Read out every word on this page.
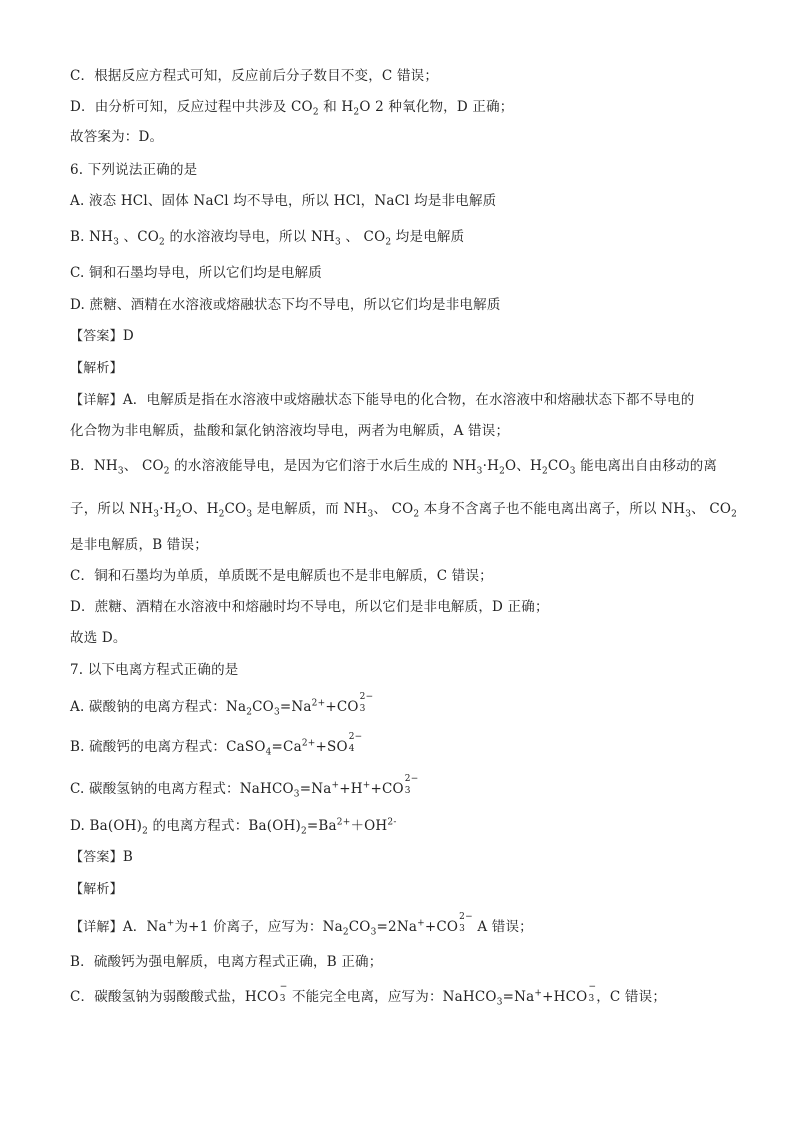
C．根据反应方程式可知，反应前后分子数目不变，C 错误；
D．由分析可知，反应过程中共涉及 $CO_2$ 和 $H_2O$ 2 种氧化物，D 正确；
故答案为：D。
6. 下列说法正确的是
A. 液态 HCl、固体 NaCl 均不导电，所以 HCl，NaCl 均是非电解质
B. $NH_3$ 、$CO_2$ 的水溶液均导电，所以 $NH_3$ 、 $CO_2$ 均是电解质
C. 铜和石墨均导电，所以它们均是电解质
D. 蔗糖、酒精在水溶液或熔融状态下均不导电，所以它们均是非电解质
【答案】D
【解析】
【详解】A．电解质是指在水溶液中或熔融状态下能导电的化合物，在水溶液中和熔融状态下都不导电的
化合物为非电解质，盐酸和氯化钠溶液均导电，两者为电解质，A 错误；
B．$NH_3$、 $CO_2$ 的水溶液能导电，是因为它们溶于水后生成的 $NH_3\cdot H_2O$、$H_2CO_3$ 能电离出自由移动的离
子，所以 $NH_3\cdot H_2O$、$H_2CO_3$ 是电解质，而 $NH_3$、 $CO_2$ 本身不含离子也不能电离出离子，所以 $NH_3$、 $CO_2$
是非电解质，B 错误；
C．铜和石墨均为单质，单质既不是电解质也不是非电解质，C 错误；
D．蔗糖、酒精在水溶液中和熔融时均不导电，所以它们是非电解质，D 正确；
故选 D。
7. 以下电离方程式正确的是
A. 碳酸钠的电离方程式：$Na_2CO_3=Na^{2+}+CO$
2−
3
B. 硫酸钙的电离方程式：$CaSO_4=Ca^{2+}+SO$
2−
4
C. 碳酸氢钠的电离方程式：NaHCO$_3$=Na++H++CO
2−
3
D. $Ba(OH)_2$ 的电离方程式：$Ba(OH)_2=Ba^{2+}+OH^{2-}$
【答案】B
【解析】
【详解】A．Na+为+1 价离子，应写为：$Na_2CO_3=2Na^++CO$
2−
3 A 错误；
B．硫酸钙为强电解质，电离方程式正确，B 正确；
C．碳酸氢钠为弱酸酸式盐，HCO
−
3 不能完全电离，应写为：NaHCO$_3$=Na++HCO
−
3 ，C 错误；
